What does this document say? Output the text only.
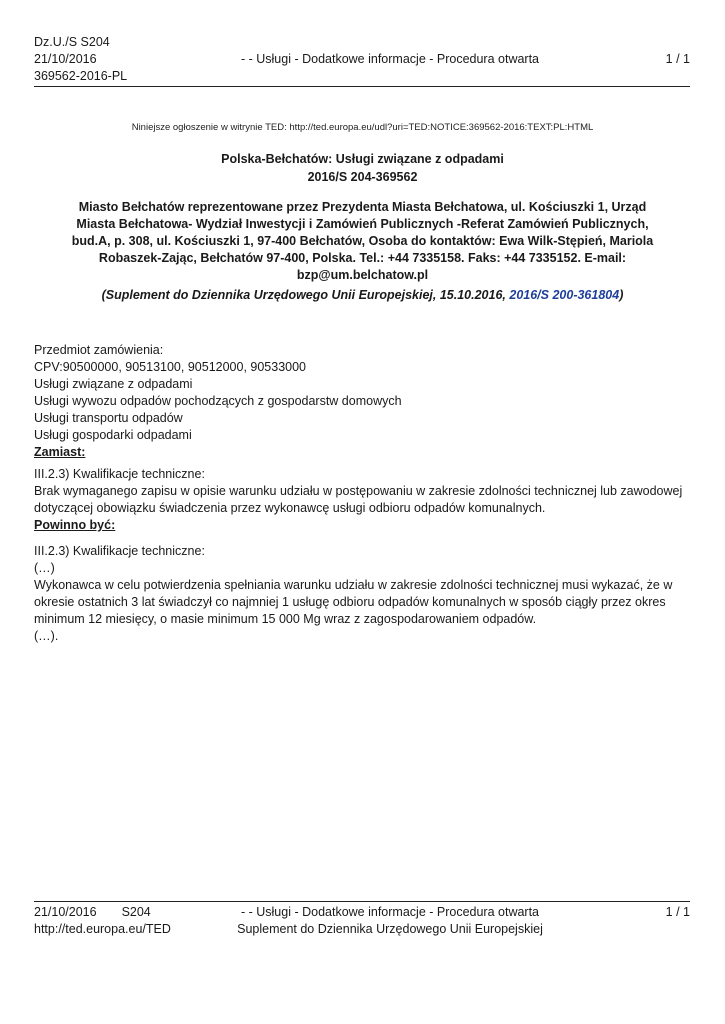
Dz.U./S S204
21/10/2016
369562-2016-PL
- - Usługi - Dodatkowe informacje - Procedura otwarta	1 / 1
Niniejsze ogłoszenie w witrynie TED: http://ted.europa.eu/udl?uri=TED:NOTICE:369562-2016:TEXT:PL:HTML
Polska-Bełchatów: Usługi związane z odpadami
2016/S 204-369562
Miasto Bełchatów reprezentowane przez Prezydenta Miasta Bełchatowa, ul. Kościuszki 1, Urząd Miasta Bełchatowa- Wydział Inwestycji i Zamówień Publicznych -Referat Zamówień Publicznych, bud.A, p. 308, ul. Kościuszki 1, 97-400 Bełchatów, Osoba do kontaktów: Ewa Wilk-Stępień, Mariola Robaszek-Zając, Bełchatów 97-400, Polska. Tel.: +44 7335158. Faks: +44 7335152. E-mail: bzp@um.belchatow.pl
(Suplement do Dziennika Urzędowego Unii Europejskiej, 15.10.2016, 2016/S 200-361804)
Przedmiot zamówienia:
CPV:90500000, 90513100, 90512000, 90533000
Usługi związane z odpadami
Usługi wywozu odpadów pochodzących z gospodarstw domowych
Usługi transportu odpadów
Usługi gospodarki odpadami
Zamiast:
III.2.3) Kwalifikacje techniczne:
Brak wymaganego zapisu w opisie warunku udziału w postępowaniu w zakresie zdolności technicznej lub zawodowej dotyczącej obowiązku świadczenia przez wykonawcę usługi odbioru odpadów komunalnych.
Powinno być:
III.2.3) Kwalifikacje techniczne:
(…)
Wykonawca w celu potwierdzenia spełniania warunku udziału w zakresie zdolności technicznej musi wykazać, że w okresie ostatnich 3 lat świadczył co najmniej 1 usługę odbioru odpadów komunalnych w sposób ciągły przez okres minimum 12 miesięcy, o masie minimum 15 000 Mg wraz z zagospodarowaniem odpadów.
(…).
21/10/2016 S204
http://ted.europa.eu/TED
- - Usługi - Dodatkowe informacje - Procedura otwarta
Suplement do Dziennika Urzędowego Unii Europejskiej
1 / 1
